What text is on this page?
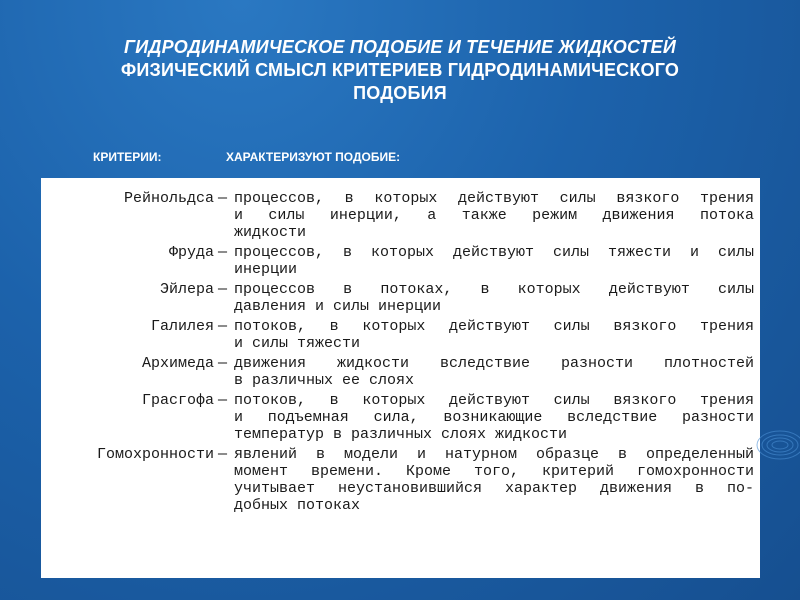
ГИДРОДИНАМИЧЕСКОЕ ПОДОБИЕ И ТЕЧЕНИЕ ЖИДКОСТЕЙ
ФИЗИЧЕСКИЙ СМЫСЛ КРИТЕРИЕВ ГИДРОДИНАМИЧЕСКОГО
ПОДОБИЯ
КРИТЕРИИ:	ХАРАКТЕРИЗУЮТ ПОДОБИЕ:
Рейнольдса — процессов, в которых действуют силы вязкого трения
и силы инерции, а также режим движения потока
жидкости
Фруда — процессов, в которых действуют силы тяжести и силы
инерции
Эйлера — процессов в потоках, в которых действуют силы
давления и силы инерции
Галилея — потоков, в которых действуют силы вязкого трения
и силы тяжести
Архимеда — движения жидкости вследствие разности плотностей
в различных ее слоях
Грасгофа — потоков, в которых действуют силы вязкого трения
и подъемная сила, возникающие вследствие разности
температур в различных слоях жидкости
Гомохронности — явлений в модели и натурном образце в определенный
момент времени. Кроме того, критерий гомохронности
учитывает неустановившийся характер движения в по-
добных потоках
